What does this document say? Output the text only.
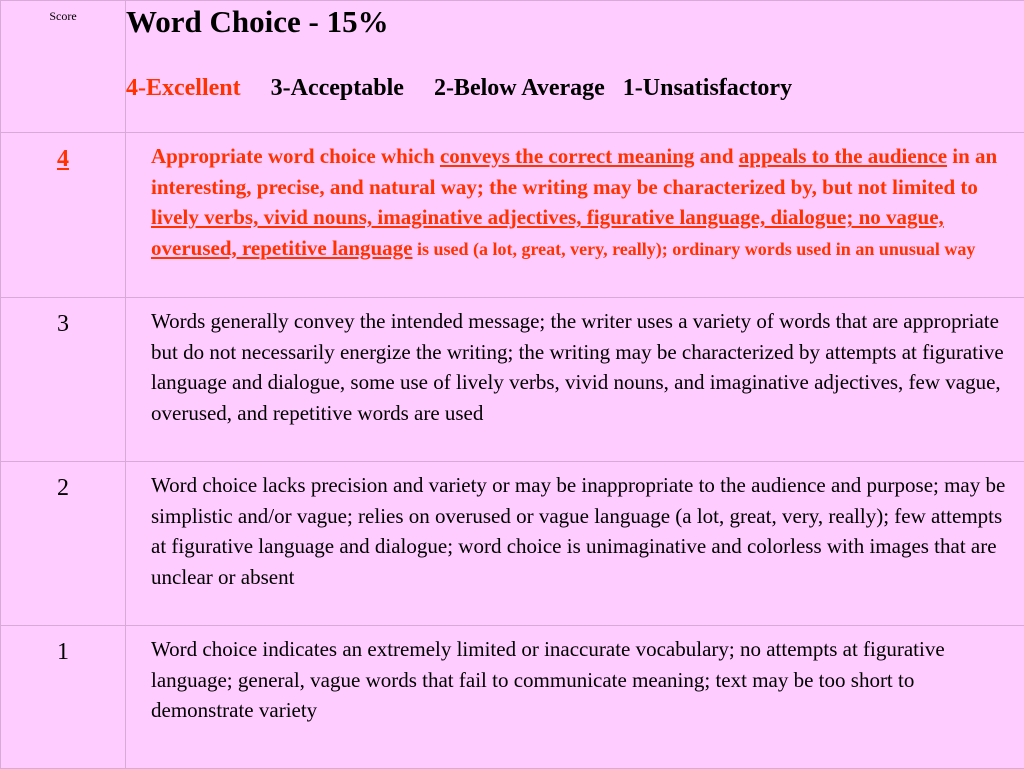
Score	Word Choice - 15%
4-Excellent 3-Acceptable 2-Below Average 1-Unsatisfactory

4	Appropriate word choice which conveys the correct meaning and appeals to the audience in an interesting, precise, and natural way; the writing may be characterized by, but not limited to lively verbs, vivid nouns, imaginative adjectives, figurative language, dialogue; no vague, overused, repetitive language is used (a lot, great, very, really); ordinary words used in an unusual way

3	Words generally convey the intended message; the writer uses a variety of words that are appropriate but do not necessarily energize the writing; the writing may be characterized by attempts at figurative language and dialogue, some use of lively verbs, vivid nouns, and imaginative adjectives, few vague, overused, and repetitive words are used

2	Word choice lacks precision and variety or may be inappropriate to the audience and purpose; may be simplistic and/or vague; relies on overused or vague language (a lot, great, very, really); few attempts at figurative language and dialogue; word choice is unimaginative and colorless with images that are unclear or absent

1	Word choice indicates an extremely limited or inaccurate vocabulary; no attempts at figurative language; general, vague words that fail to communicate meaning; text may be too short to demonstrate variety
